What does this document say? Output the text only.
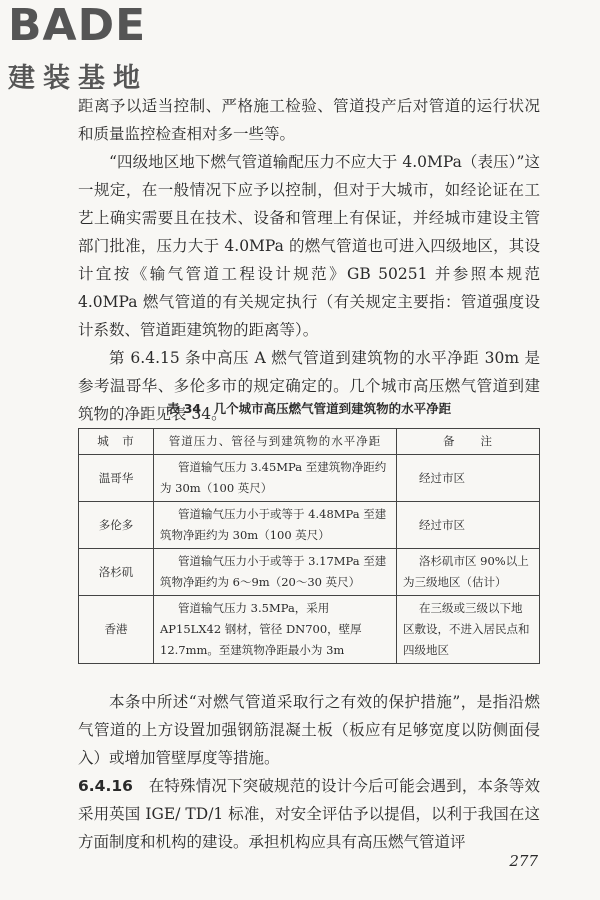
BADE
建装基地

距离予以适当控制、严格施工检验、管道投产后对管道的运行状况和质量监控检查相对多一些等。

“四级地区地下燃气管道输配压力不应大于 4.0MPa（表压）”这一规定，在一般情况下应予以控制，但对于大城市，如经论证在工艺上确实需要且在技术、设备和管理上有保证，并经城市建设主管部门批准，压力大于 4.0MPa 的燃气管道也可进入四级地区，其设计宜按《输气管道工程设计规范》GB 50251 并参照本规范 4.0MPa 燃气管道的有关规定执行（有关规定主要指：管道强度设计系数、管道距建筑物的距离等）。

第 6.4.15 条中高压 A 燃气管道到建筑物的水平净距 30m 是参考温哥华、多伦多市的规定确定的。几个城市高压燃气管道到建筑物的净距见表 34。

表 34　几个城市高压燃气管道到建筑物的水平净距
城　市	管道压力、管径与到建筑物的水平净距	备　　注
温哥华	管道输气压力 3.45MPa 至建筑物净距约为 30m（100 英尺）	经过市区
多伦多	管道输气压力小于或等于 4.48MPa 至建筑物净距约为 30m（100 英尺）	经过市区
洛杉矶	管道输气压力小于或等于 3.17MPa 至建筑物净距约为 6～9m（20～30 英尺）	洛杉矶市区 90%以上为三级地区（估计）
香港	管道输气压力 3.5MPa，采用 AP15LX42 钢材，管径 DN700，壁厚 12.7mm。至建筑物净距最小为 3m	在三级或三级以下地区敷设，不进入居民点和四级地区

本条中所述“对燃气管道采取行之有效的保护措施”，是指沿燃气管道的上方设置加强钢筋混凝土板（板应有足够宽度以防侧面侵入）或增加管壁厚度等措施。

6.4.16　 在特殊情况下突破规范的设计今后可能会遇到，本条等效采用英国 IGE/ TD/1 标准，对安全评估予以提倡，以利于我国在这方面制度和机构的建设。承担机构应具有高压燃气管道评

277
